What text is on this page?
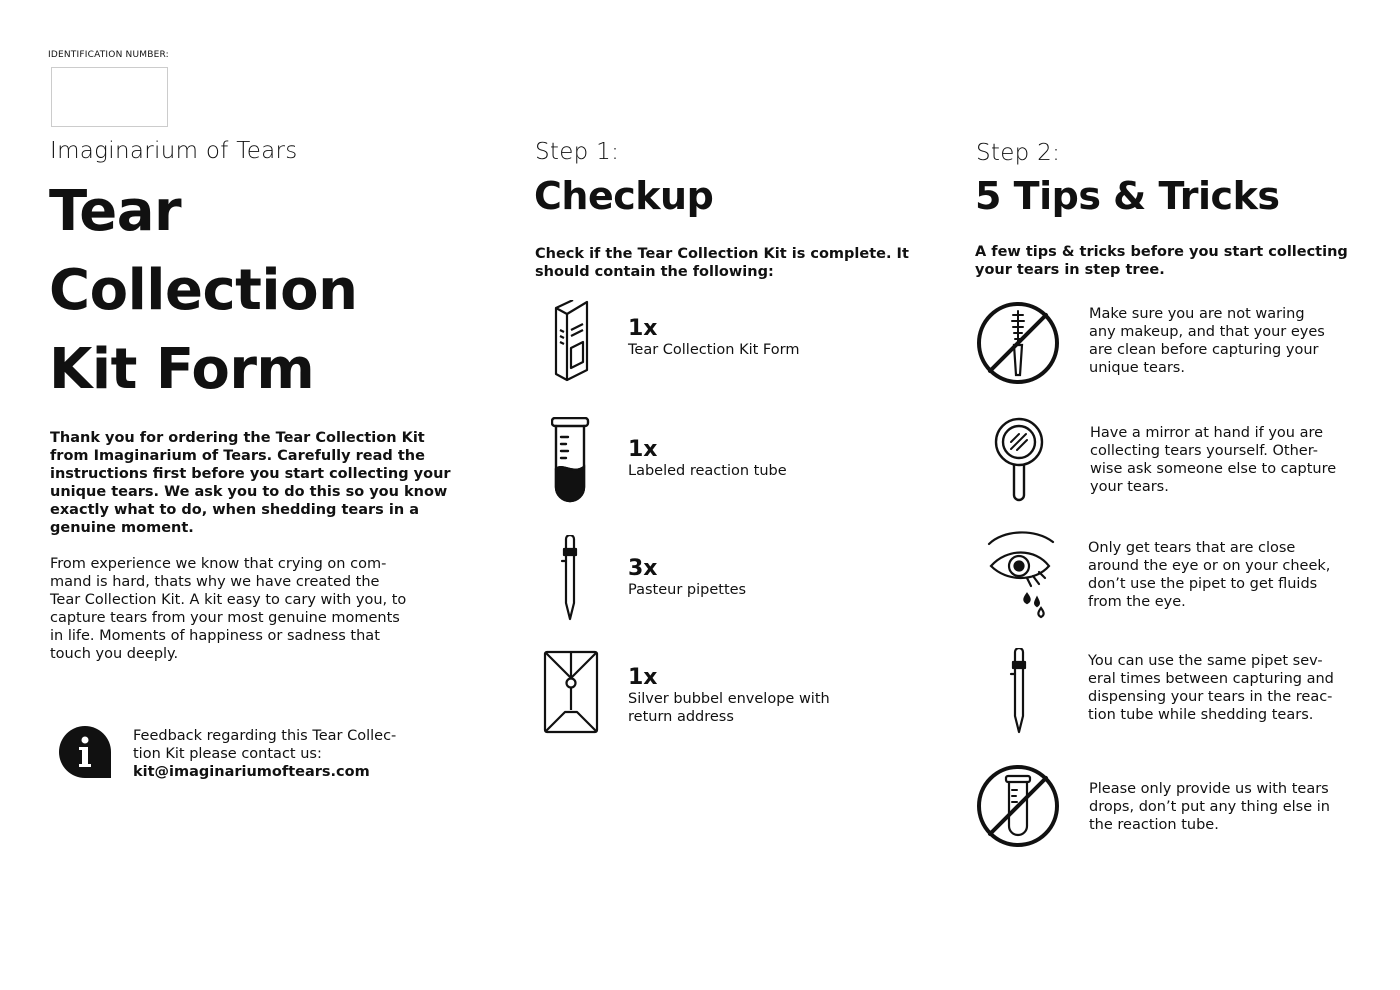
IDENTIFICATION NUMBER:
Imaginarium of Tears
Tear
Collection
Kit Form
Thank you for ordering the Tear Collection Kit
from Imaginarium of Tears. Carefully read the
instructions first before you start collecting your
unique tears. We ask you to do this so you know
exactly what to do, when shedding tears in a
genuine moment.
From experience we know that crying on com-
mand is hard, thats why we have created the
Tear Collection Kit. A kit easy to cary with you, to
capture tears from your most genuine moments
in life. Moments of happiness or sadness that
touch you deeply.
Feedback regarding this Tear Collec-
tion Kit please contact us:
kit@imaginariumoftears.com
Step 1:
Checkup
Check if the Tear Collection Kit is complete. It
should contain the following:
1x
Tear Collection Kit Form
1x
Labeled reaction tube
3x
Pasteur pipettes
1x
Silver bubbel envelope with
return address
Step 2:
5 Tips & Tricks
A few tips & tricks before you start collecting
your tears in step tree.
Make sure you are not waring
any makeup, and that your eyes
are clean before capturing your
unique tears.
Have a mirror at hand if you are
collecting tears yourself. Other-
wise ask someone else to capture
your tears.
Only get tears that are close
around the eye or on your cheek,
don’t use the pipet to get fluids
from the eye.
You can use the same pipet sev-
eral times between capturing and
dispensing your tears in the reac-
tion tube while shedding tears.
Please only provide us with tears
drops, don’t put any thing else in
the reaction tube.
